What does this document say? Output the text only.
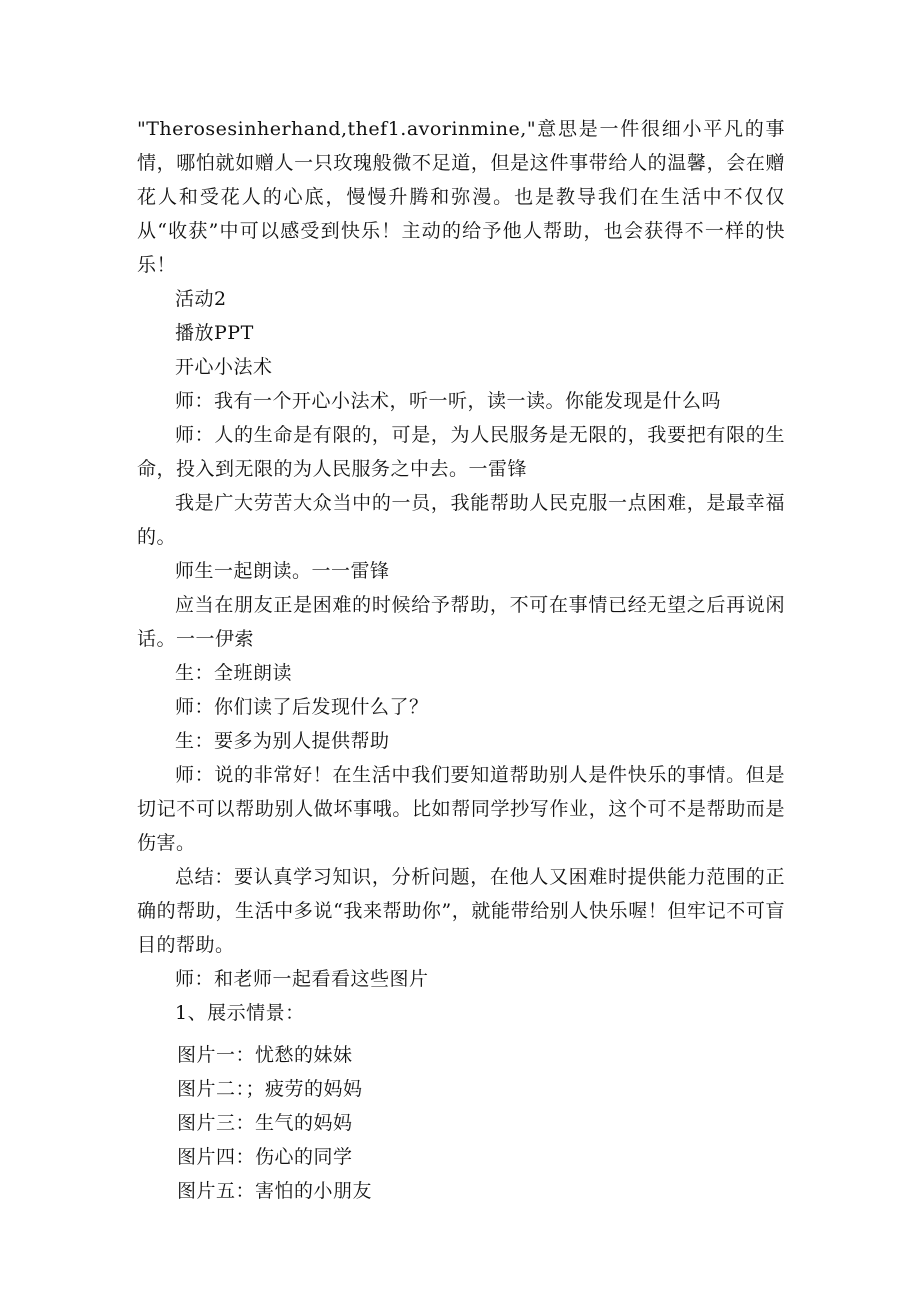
"Therosesinherhand,thef1.avorinmine,"意思是一件很细小平凡的事情，哪怕就如赠人一只玫瑰般微不足道，但是这件事带给人的温馨，会在赠花人和受花人的心底，慢慢升腾和弥漫。也是教导我们在生活中不仅仅从“收获”中可以感受到快乐！主动的给予他人帮助，也会获得不一样的快乐！

活动2

播放PPT

开心小法术

师：我有一个开心小法术，听一听，读一读。你能发现是什么吗

师：人的生命是有限的，可是，为人民服务是无限的，我要把有限的生命，投入到无限的为人民服务之中去。一雷锋

我是广大劳苦大众当中的一员，我能帮助人民克服一点困难，是最幸福的。

师生一起朗读。一一雷锋

应当在朋友正是困难的时候给予帮助，不可在事情已经无望之后再说闲话。一一伊索

生：全班朗读

师：你们读了后发现什么了？

生：要多为别人提供帮助

师：说的非常好！在生活中我们要知道帮助别人是件快乐的事情。但是切记不可以帮助别人做坏事哦。比如帮同学抄写作业，这个可不是帮助而是伤害。

总结：要认真学习知识，分析问题，在他人又困难时提供能力范围的正确的帮助，生活中多说“我来帮助你”，就能带给别人快乐喔！但牢记不可盲目的帮助。

师：和老师一起看看这些图片

1、展示情景：

图片一：忧愁的妹妹

图片二：；疲劳的妈妈

图片三：生气的妈妈

图片四：伤心的同学

图片五：害怕的小朋友
